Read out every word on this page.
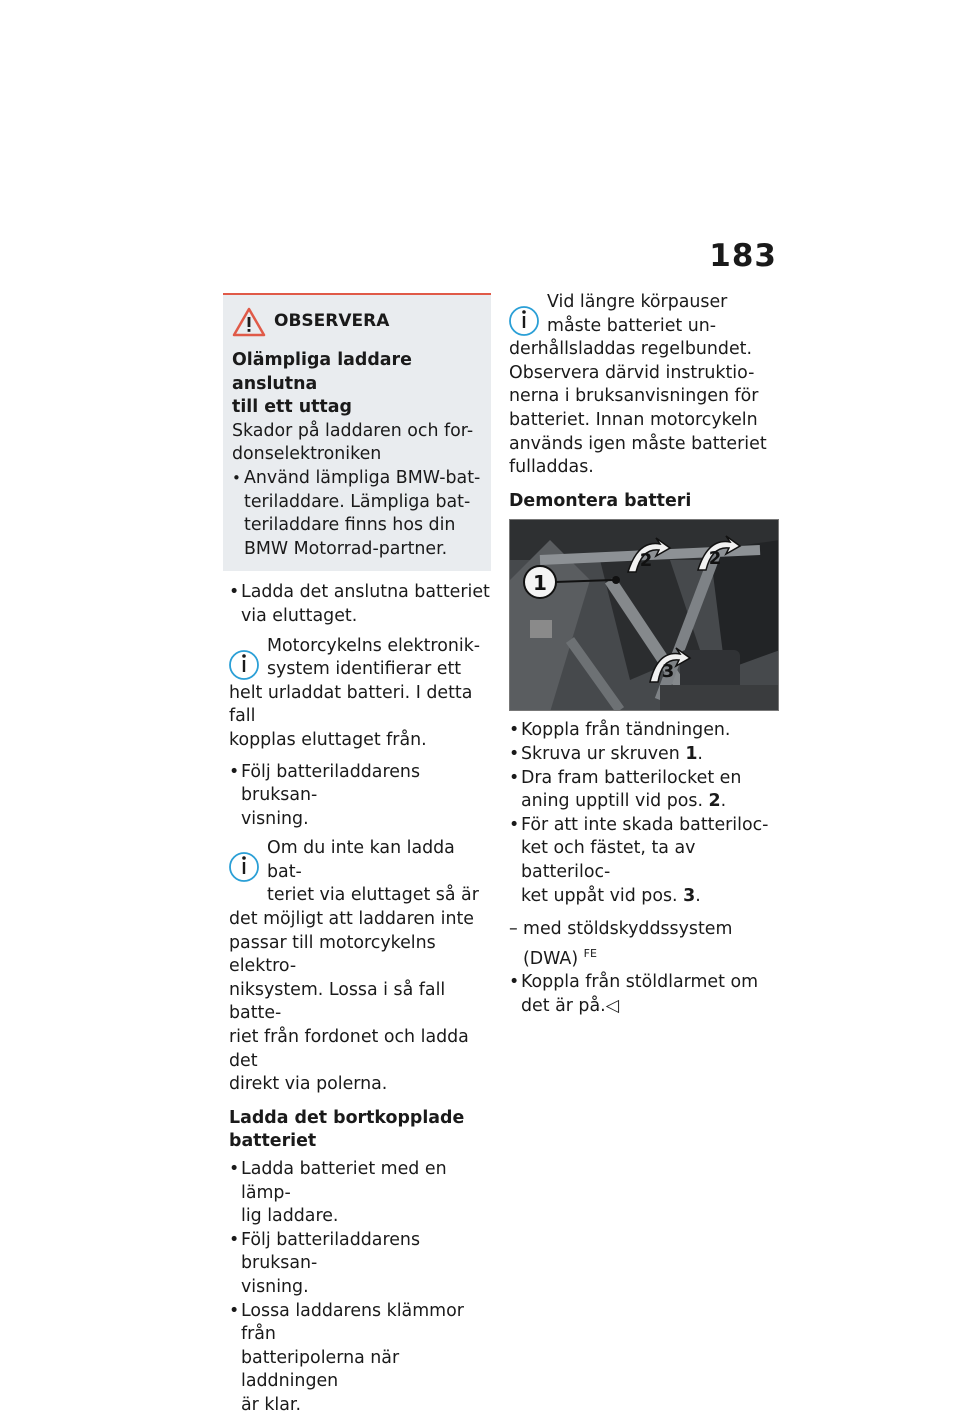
183
OBSERVERA
Olämpliga laddare anslutna
till ett uttag
Skador på laddaren och for-
donselektroniken
• Använd lämpliga BMW-bat-
teriladdare. Lämpliga bat-
teriladdare finns hos din
BMW Motorrad-partner.
• Ladda det anslutna batteriet
via eluttaget.
Motorcykelns elektronik-
system identifierar ett
helt urladdat batteri. I detta fall
kopplas eluttaget från.
• Följ batteriladdarens bruksan-
visning.
Om du inte kan ladda bat-
teriet via eluttaget så är
det möjligt att laddaren inte
passar till motorcykelns elektro-
niksystem. Lossa i så fall batte-
riet från fordonet och ladda det
direkt via polerna.
Ladda det bortkopplade
batteriet
• Ladda batteriet med en lämp-
lig laddare.
• Följ batteriladdarens bruksan-
visning.
• Lossa laddarens klämmor från
batteripolerna när laddningen
är klar.
Vid längre körpauser
måste batteriet un-
derhållsladdas regelbundet.
Observera därvid instruktio-
nerna i bruksanvisningen för
batteriet. Innan motorcykeln
används igen måste batteriet
fulladdas.
Demontera batteri
1
2	2
3
• Koppla från tändningen.
• Skruva ur skruven 1.
• Dra fram batterilocket en
aning upptill vid pos. 2.
• För att inte skada batteriloc-
ket och fästet, ta av batteriloc-
ket uppåt vid pos. 3.
– med stöldskyddssystem
(DWA) $^{FE}$
• Koppla från stöldlarmet om
det är på.◁
